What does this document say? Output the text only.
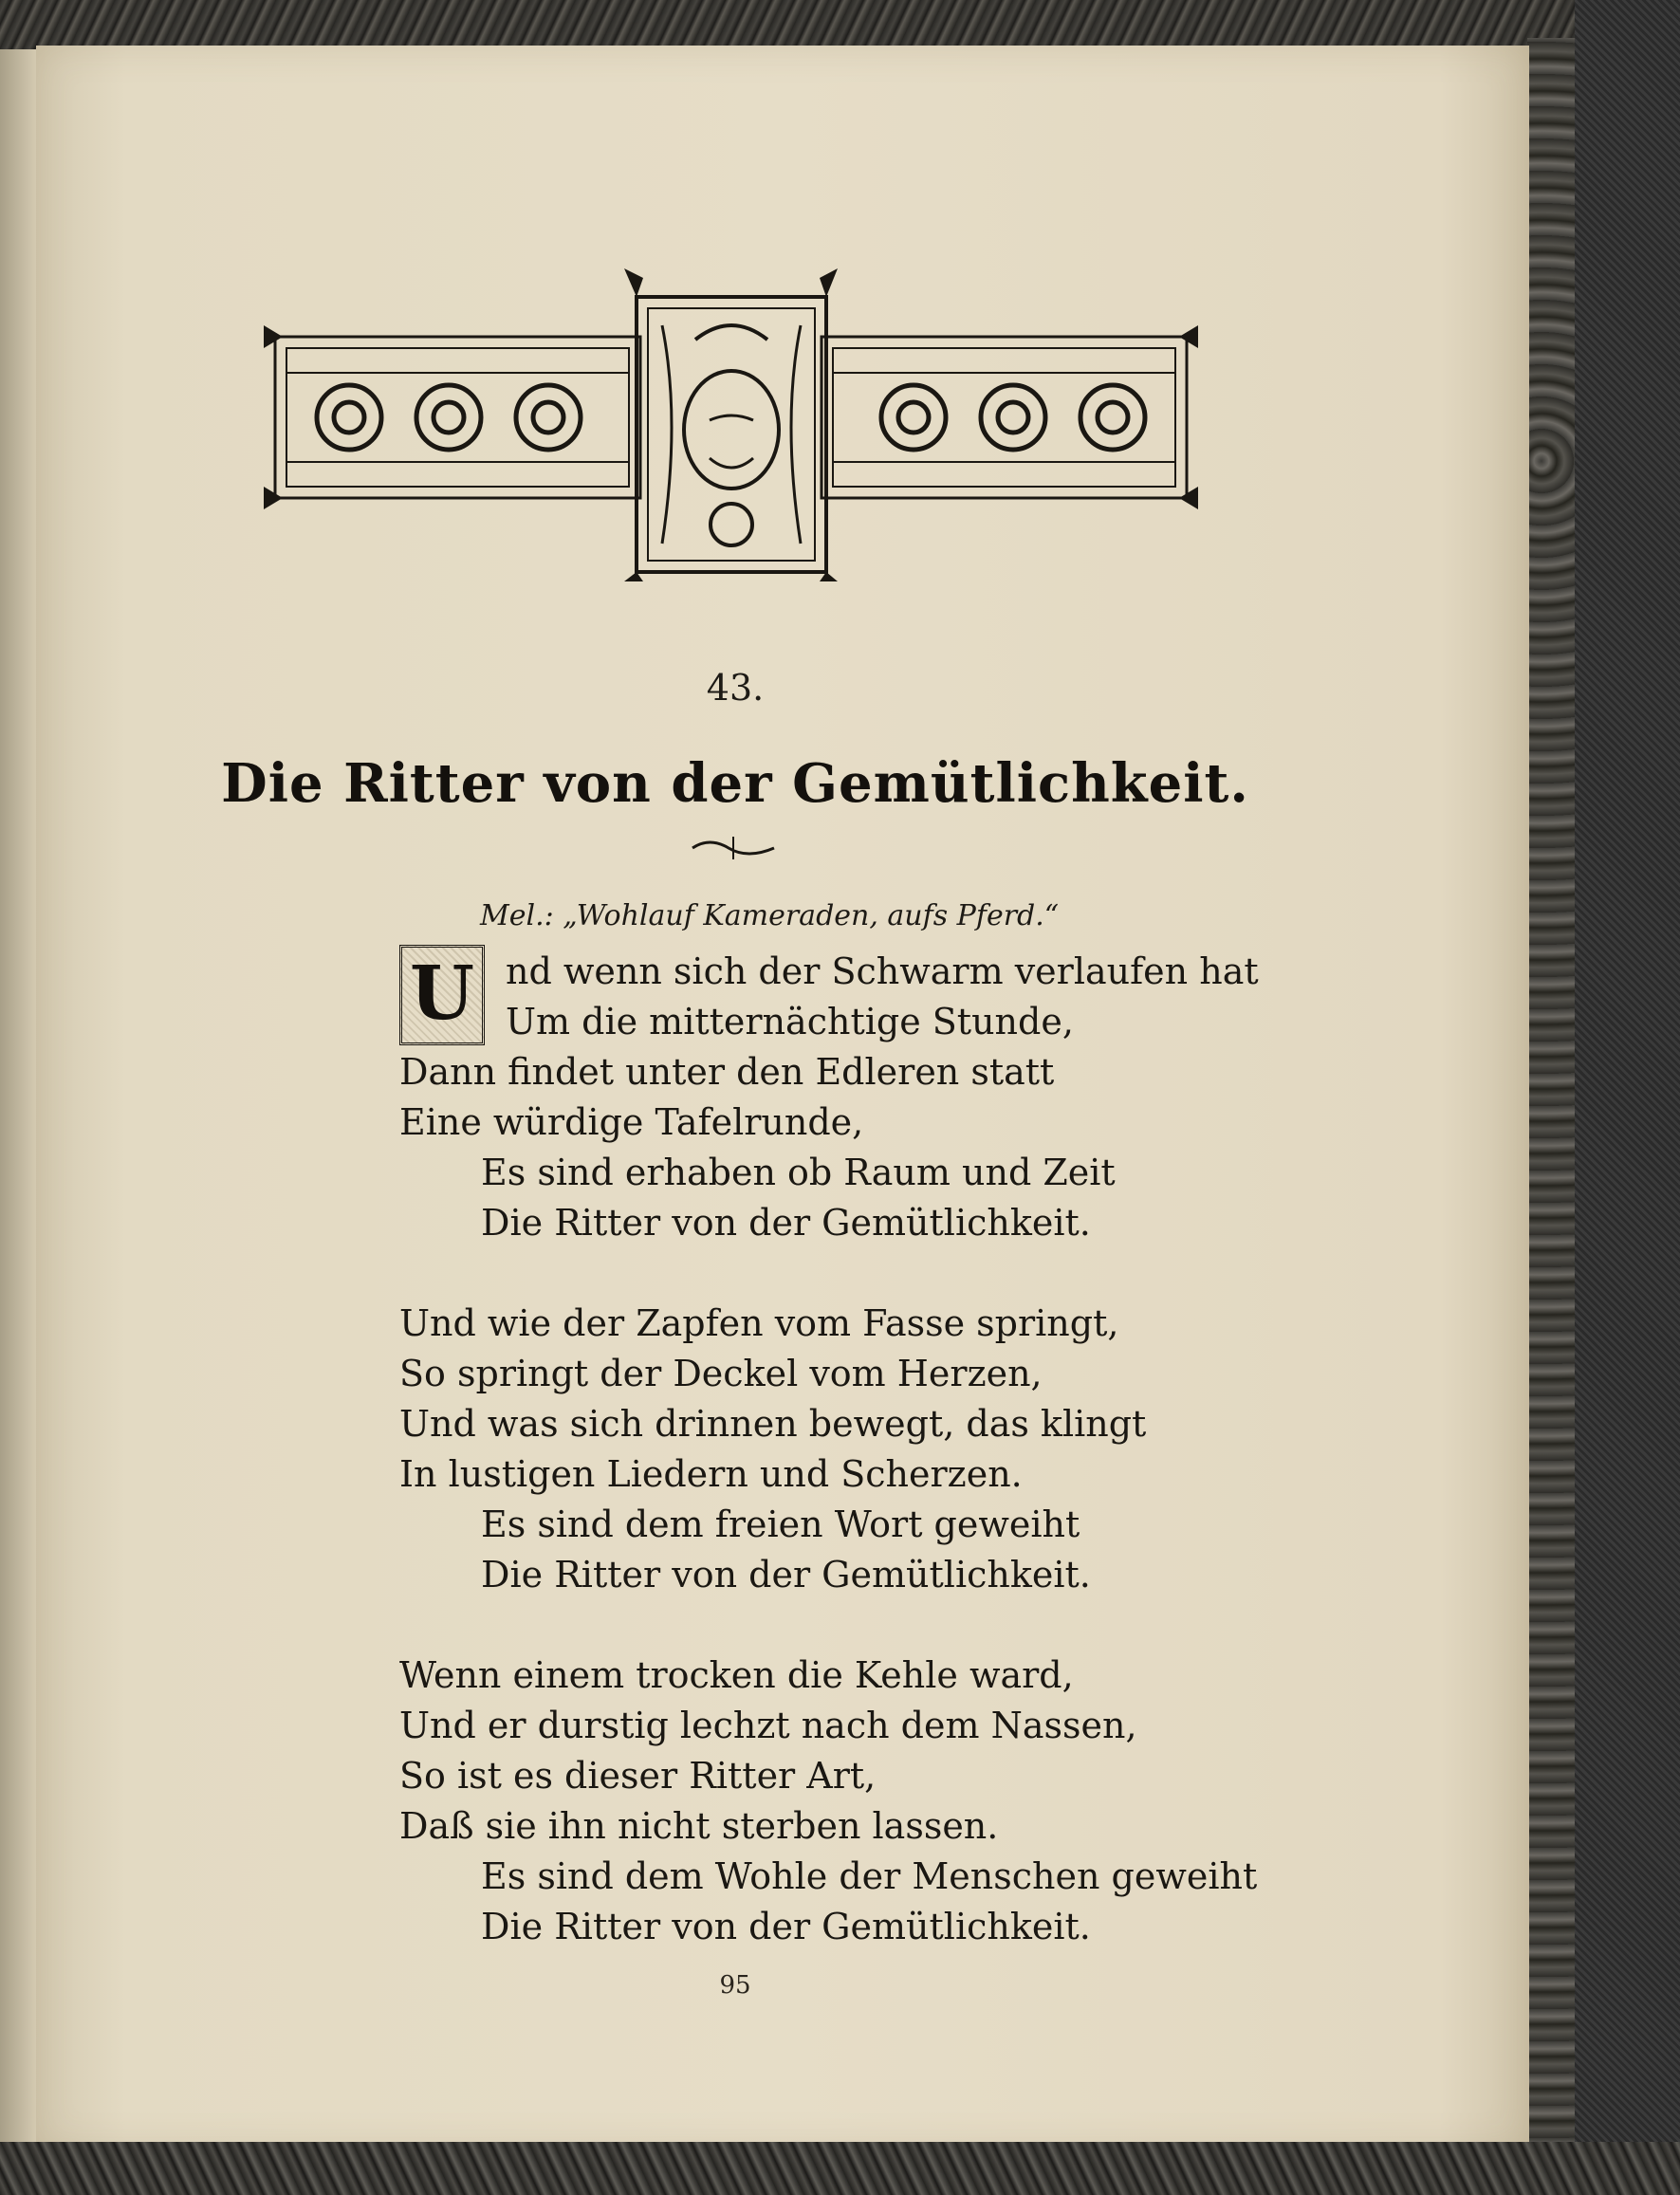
43.
Die Ritter von der Gemütlichkeit.
Mel.: „Wohlauf Kameraden, aufs Pferd.“
U nd wenn sich der Schwarm verlaufen hat
Um die mitternächtige Stunde,
Dann findet unter den Edleren statt
Eine würdige Tafelrunde,
Es sind erhaben ob Raum und Zeit
Die Ritter von der Gemütlichkeit.
Und wie der Zapfen vom Fasse springt,
So springt der Deckel vom Herzen,
Und was sich drinnen bewegt, das klingt
In lustigen Liedern und Scherzen.
Es sind dem freien Wort geweiht
Die Ritter von der Gemütlichkeit.
Wenn einem trocken die Kehle ward,
Und er durstig lechzt nach dem Nassen,
So ist es dieser Ritter Art,
Daß sie ihn nicht sterben lassen.
Es sind dem Wohle der Menschen geweiht
Die Ritter von der Gemütlichkeit.
95
